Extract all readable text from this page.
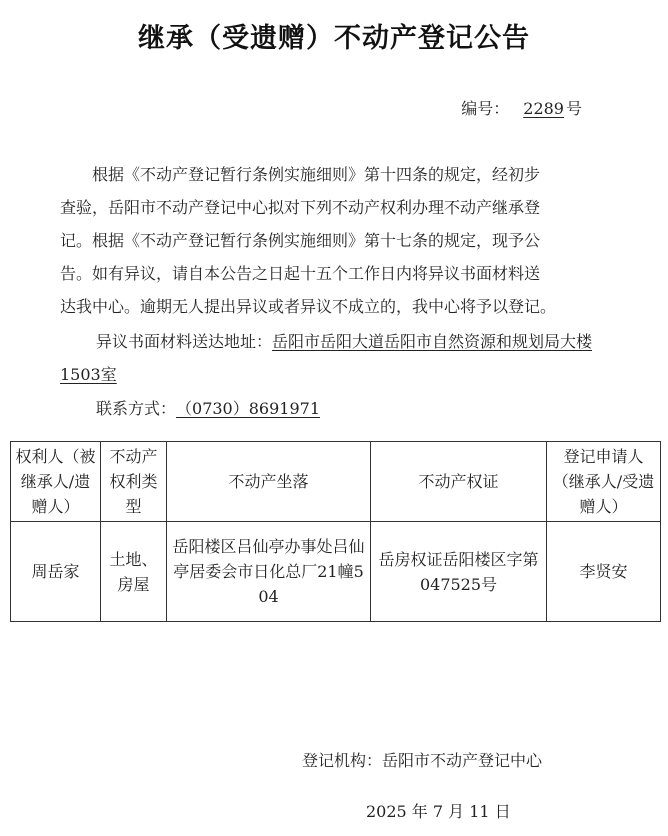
继承（受遗赠）不动产登记公告
编号： 2289 号
　　根据《不动产登记暂行条例实施细则》第十四条的规定，经初步
查验，岳阳市不动产登记中心拟对下列不动产权利办理不动产继承登
记。根据《不动产登记暂行条例实施细则》第十七条的规定，现予公
告。如有异议，请自本公告之日起十五个工作日内将异议书面材料送
达我中心。逾期无人提出异议或者异议不成立的，我中心将予以登记。
异议书面材料送达地址：岳阳市岳阳大道岳阳市自然资源和规划局大楼1503室
联系方式：（0730）8691971
权利人（被继承人/遗赠人）	不动产权利类型	不动产坐落	不动产权证	登记申请人（继承人/受遗赠人）
周岳家	土地、房屋	岳阳楼区吕仙亭办事处吕仙亭居委会市日化总厂21幢504	岳房权证岳阳楼区字第047525号	李贤安
登记机构：岳阳市不动产登记中心
2025 年 7 月 11 日
